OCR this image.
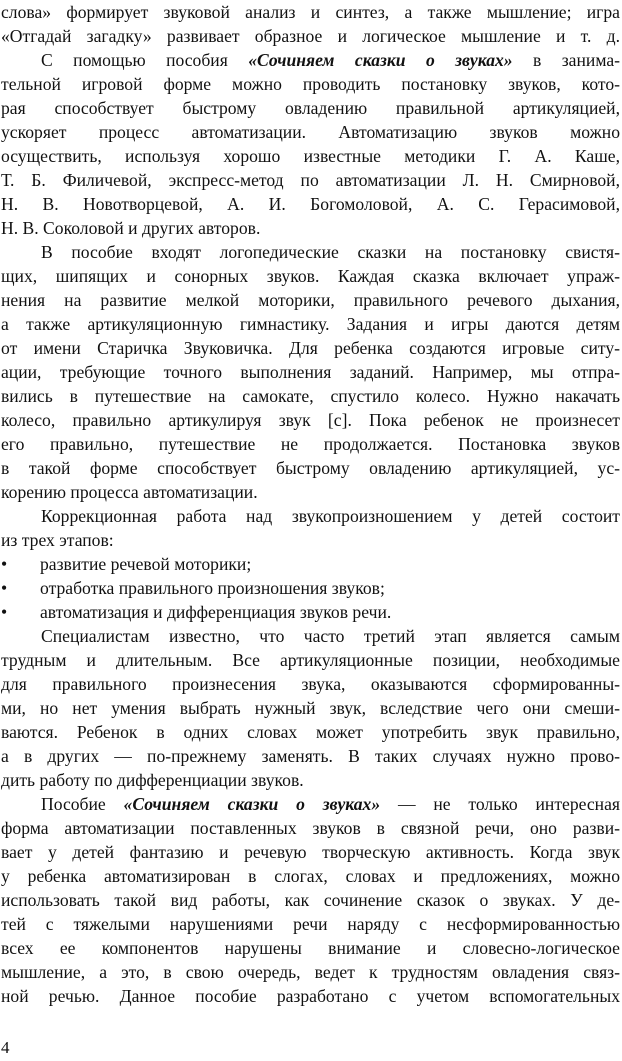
слова» формирует звуковой анализ и синтез, а также мышление; игра
«Отгадай загадку» развивает образное и логическое мышление и т. д.
С помощью пособия «Сочиняем сказки о звуках» в занима-
тельной игровой форме можно проводить постановку звуков, кото-
рая способствует быстрому овладению правильной артикуляцией,
ускоряет процесс автоматизации. Автоматизацию звуков можно
осуществить, используя хорошо известные методики Г. А. Каше,
Т. Б. Филичевой, экспресс-метод по автоматизации Л. Н. Смирновой,
Н. В. Новотворцевой, А. И. Богомоловой, А. С. Герасимовой,
Н. В. Соколовой и других авторов.
В пособие входят логопедические сказки на постановку свистя-
щих, шипящих и сонорных звуков. Каждая сказка включает упраж-
нения на развитие мелкой моторики, правильного речевого дыхания,
а также артикуляционную гимнастику. Задания и игры даются детям
от имени Старичка Звуковичка. Для ребенка создаются игровые ситу-
ации, требующие точного выполнения заданий. Например, мы отпра-
вились в путешествие на самокате, спустило колесо. Нужно накачать
колесо, правильно артикулируя звук [с]. Пока ребенок не произнесет
его правильно, путешествие не продолжается. Постановка звуков
в такой форме способствует быстрому овладению артикуляцией, ус-
корению процесса автоматизации.
Коррекционная работа над звукопроизношением у детей состоит
из трех этапов:
• развитие речевой моторики;
• отработка правильного произношения звуков;
• автоматизация и дифференциация звуков речи.
Специалистам известно, что часто третий этап является самым
трудным и длительным. Все артикуляционные позиции, необходимые
для правильного произнесения звука, оказываются сформированны-
ми, но нет умения выбрать нужный звук, вследствие чего они смеши-
ваются. Ребенок в одних словах может употребить звук правильно,
а в других — по-прежнему заменять. В таких случаях нужно прово-
дить работу по дифференциации звуков.
Пособие «Сочиняем сказки о звуках» — не только интересная
форма автоматизации поставленных звуков в связной речи, оно разви-
вает у детей фантазию и речевую творческую активность. Когда звук
у ребенка автоматизирован в слогах, словах и предложениях, можно
использовать такой вид работы, как сочинение сказок о звуках. У де-
тей с тяжелыми нарушениями речи наряду с несформированностью
всех ее компонентов нарушены внимание и словесно-логическое
мышление, а это, в свою очередь, ведет к трудностям овладения связ-
ной речью. Данное пособие разработано с учетом вспомогательных
4
